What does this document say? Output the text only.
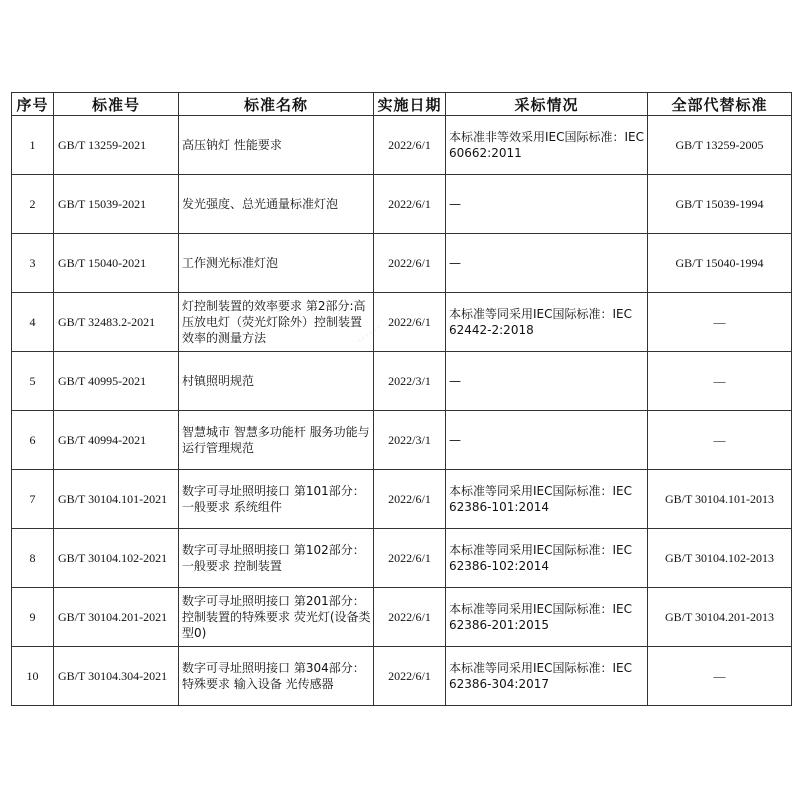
序号	标准号	标准名称	实施日期	采标情况	全部代替标准
1	GB/T 13259-2021	高压钠灯 性能要求	2022/6/1	本标准非等效采用IEC国际标准：IEC 60662:2011	GB/T 13259-2005
2	GB/T 15039-2021	发光强度、总光通量标准灯泡	2022/6/1	—	GB/T 15039-1994
3	GB/T 15040-2021	工作测光标准灯泡	2022/6/1	—	GB/T 15040-1994
4	GB/T 32483.2-2021	灯控制装置的效率要求 第2部分:高压放电灯（荧光灯除外）控制装置效率的测量方法	2022/6/1	本标准等同采用IEC国际标准：IEC 62442-2:2018	—
5	GB/T 40995-2021	村镇照明规范	2022/3/1	—	—
6	GB/T 40994-2021	智慧城市 智慧多功能杆 服务功能与运行管理规范	2022/3/1	—	—
7	GB/T 30104.101-2021	数字可寻址照明接口 第101部分：一般要求 系统组件	2022/6/1	本标准等同采用IEC国际标准：IEC 62386-101:2014	GB/T 30104.101-2013
8	GB/T 30104.102-2021	数字可寻址照明接口 第102部分：一般要求 控制装置	2022/6/1	本标准等同采用IEC国际标准：IEC 62386-102:2014	GB/T 30104.102-2013
9	GB/T 30104.201-2021	数字可寻址照明接口 第201部分：控制装置的特殊要求 荧光灯(设备类型0)	2022/6/1	本标准等同采用IEC国际标准：IEC 62386-201:2015	GB/T 30104.201-2013
10	GB/T 30104.304-2021	数字可寻址照明接口 第304部分：特殊要求 输入设备 光传感器	2022/6/1	本标准等同采用IEC国际标准：IEC 62386-304:2017	—
◦◦◦◦◦◦
